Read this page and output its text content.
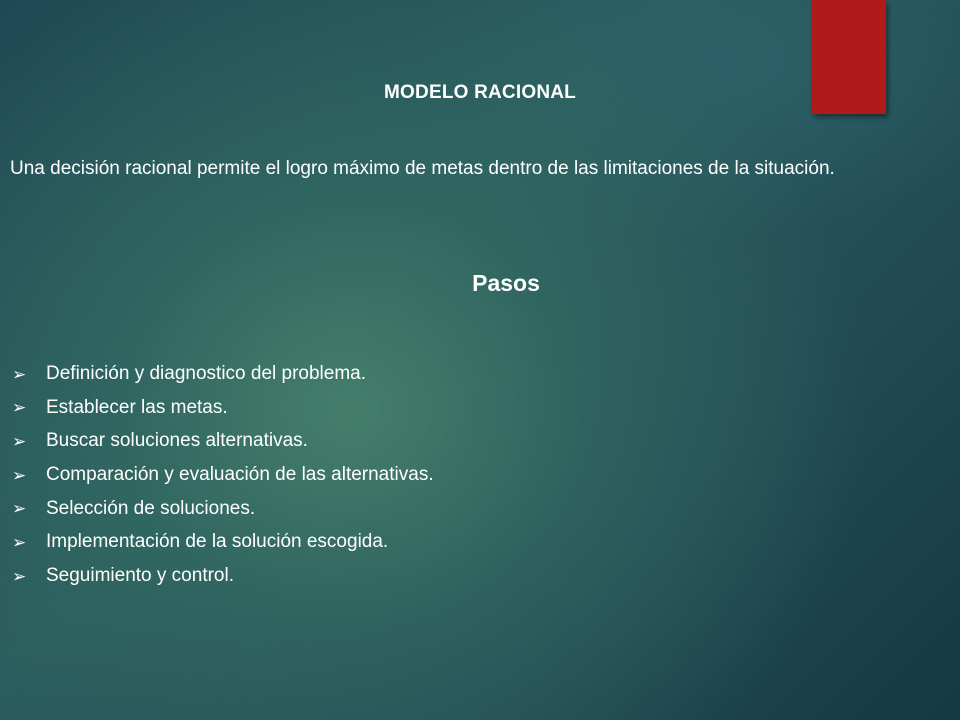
MODELO RACIONAL
Una decisión racional permite el logro máximo de metas dentro de las limitaciones de la situación.
Pasos
➢	Definición y diagnostico del problema.
➢	Establecer las metas.
➢	Buscar soluciones alternativas.
➢	Comparación y evaluación de las alternativas.
➢	Selección de soluciones.
➢	Implementación de la solución escogida.
➢	Seguimiento y control.
